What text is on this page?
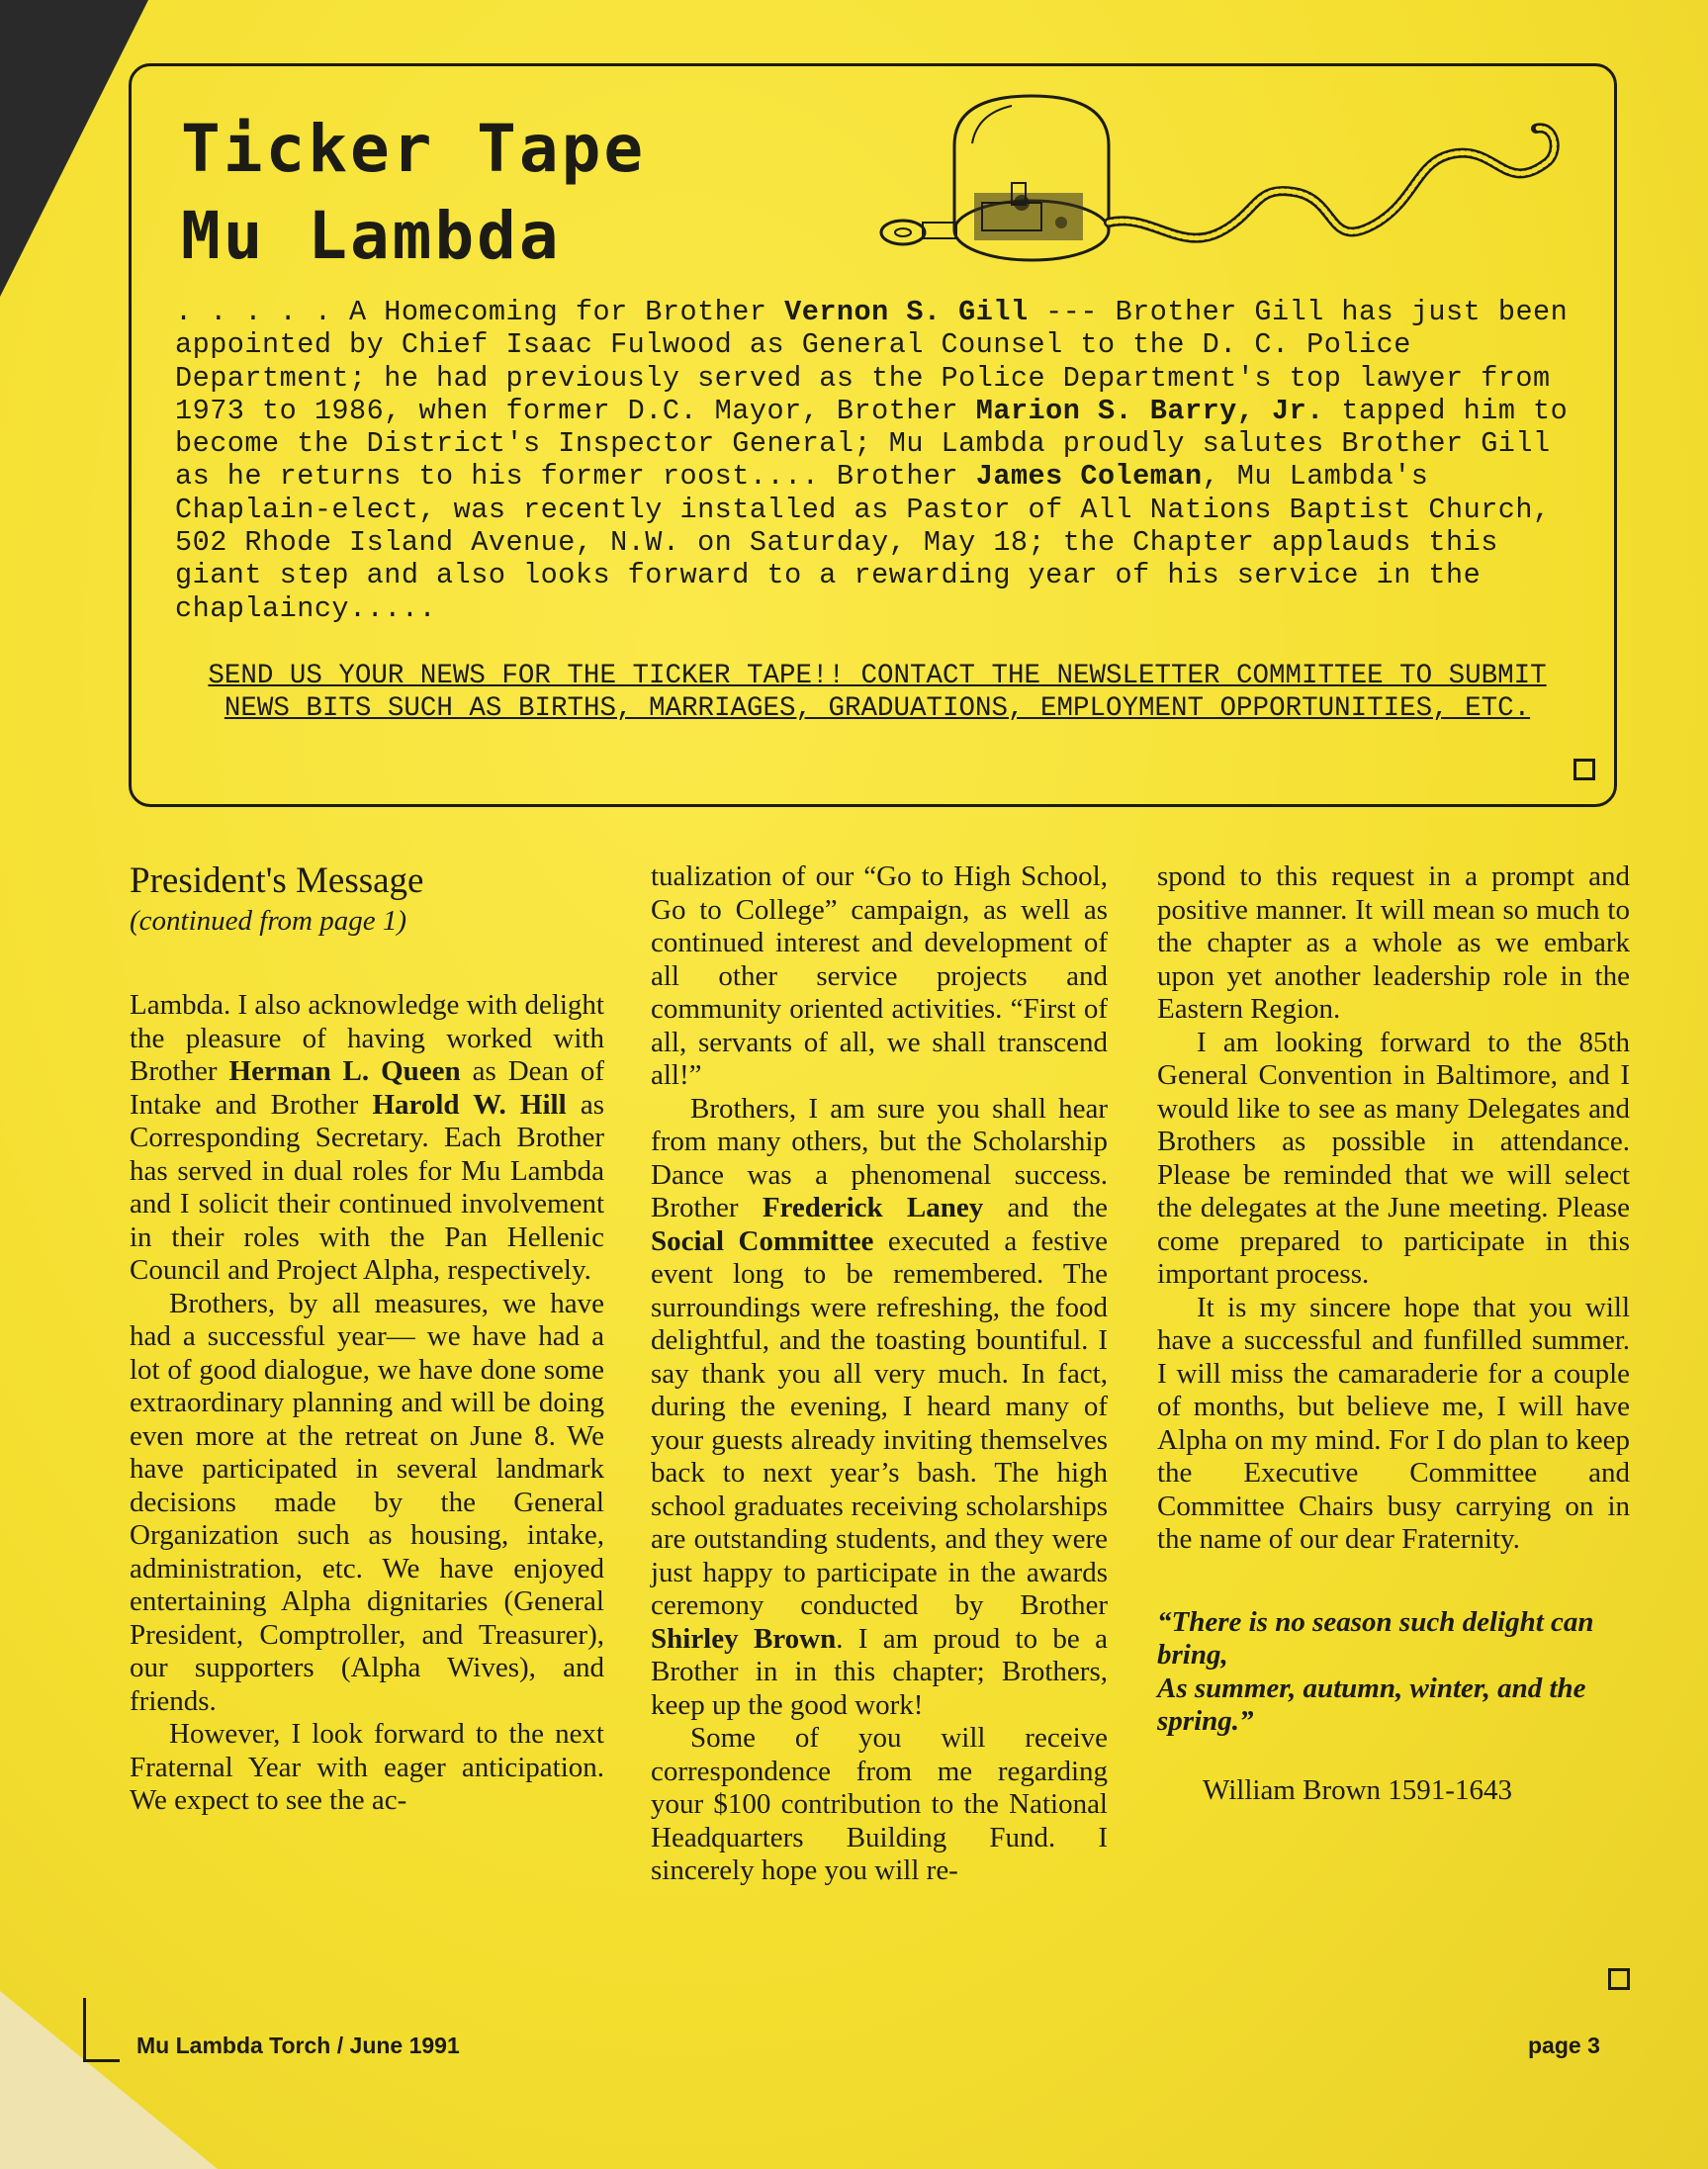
Ticker Tape
Mu Lambda
. . . . . A Homecoming for Brother Vernon S. Gill --- Brother Gill has just been appointed by Chief Isaac Fulwood as General Counsel to the D. C. Police Department; he had previously served as the Police Department's top lawyer from 1973 to 1986, when former D.C. Mayor, Brother Marion S. Barry, Jr. tapped him to become the District's Inspector General; Mu Lambda proudly salutes Brother Gill as he returns to his former roost.... Brother James Coleman, Mu Lambda's Chaplain-elect, was recently installed as Pastor of All Nations Baptist Church, 502 Rhode Island Avenue, N.W. on Saturday, May 18; the Chapter applauds this giant step and also looks forward to a rewarding year of his service in the chaplaincy.....
SEND US YOUR NEWS FOR THE TICKER TAPE!! CONTACT THE NEWSLETTER COMMITTEE TO SUBMIT NEWS BITS SUCH AS BIRTHS, MARRIAGES, GRADUATIONS, EMPLOYMENT OPPORTUNITIES, ETC.
President's Message
(continued from page 1)

Lambda. I also acknowledge with delight the pleasure of having worked with Brother Herman L. Queen as Dean of Intake and Brother Harold W. Hill as Corresponding Secretary. Each Brother has served in dual roles for Mu Lambda and I solicit their continued involvement in their roles with the Pan Hellenic Council and Project Alpha, respectively.

Brothers, by all measures, we have had a successful year— we have had a lot of good dialogue, we have done some extraordinary planning and will be doing even more at the retreat on June 8. We have participated in several landmark decisions made by the General Organization such as housing, intake, administration, etc. We have enjoyed entertaining Alpha dignitaries (General President, Comptroller, and Treasurer), our supporters (Alpha Wives), and friends.

However, I look forward to the next Fraternal Year with eager anticipation. We expect to see the ac-

tualization of our “Go to High School, Go to College” campaign, as well as continued interest and development of all other service projects and community oriented activities. “First of all, servants of all, we shall transcend all!”

Brothers, I am sure you shall hear from many others, but the Scholarship Dance was a phenomenal success. Brother Frederick Laney and the Social Committee executed a festive event long to be remembered. The surroundings were refreshing, the food delightful, and the toasting bountiful. I say thank you all very much. In fact, during the evening, I heard many of your guests already inviting themselves back to next year’s bash. The high school graduates receiving scholarships are outstanding students, and they were just happy to participate in the awards ceremony conducted by Brother Shirley Brown. I am proud to be a Brother in in this chapter; Brothers, keep up the good work!

Some of you will receive correspondence from me regarding your $100 contribution to the National Headquarters Building Fund. I sincerely hope you will re-

spond to this request in a prompt and positive manner. It will mean so much to the chapter as a whole as we embark upon yet another leadership role in the Eastern Region.

I am looking forward to the 85th General Convention in Baltimore, and I would like to see as many Delegates and Brothers as possible in attendance. Please be reminded that we will select the delegates at the June meeting. Please come prepared to participate in this important process.

It is my sincere hope that you will have a successful and funfilled summer. I will miss the camaraderie for a couple of months, but believe me, I will have Alpha on my mind. For I do plan to keep the Executive Committee and Committee Chairs busy carrying on in the name of our dear Fraternity.

“There is no season such delight can bring,
As summer, autumn, winter, and the spring.”
William Brown 1591-1643
Mu Lambda Torch / June 1991	page 3
